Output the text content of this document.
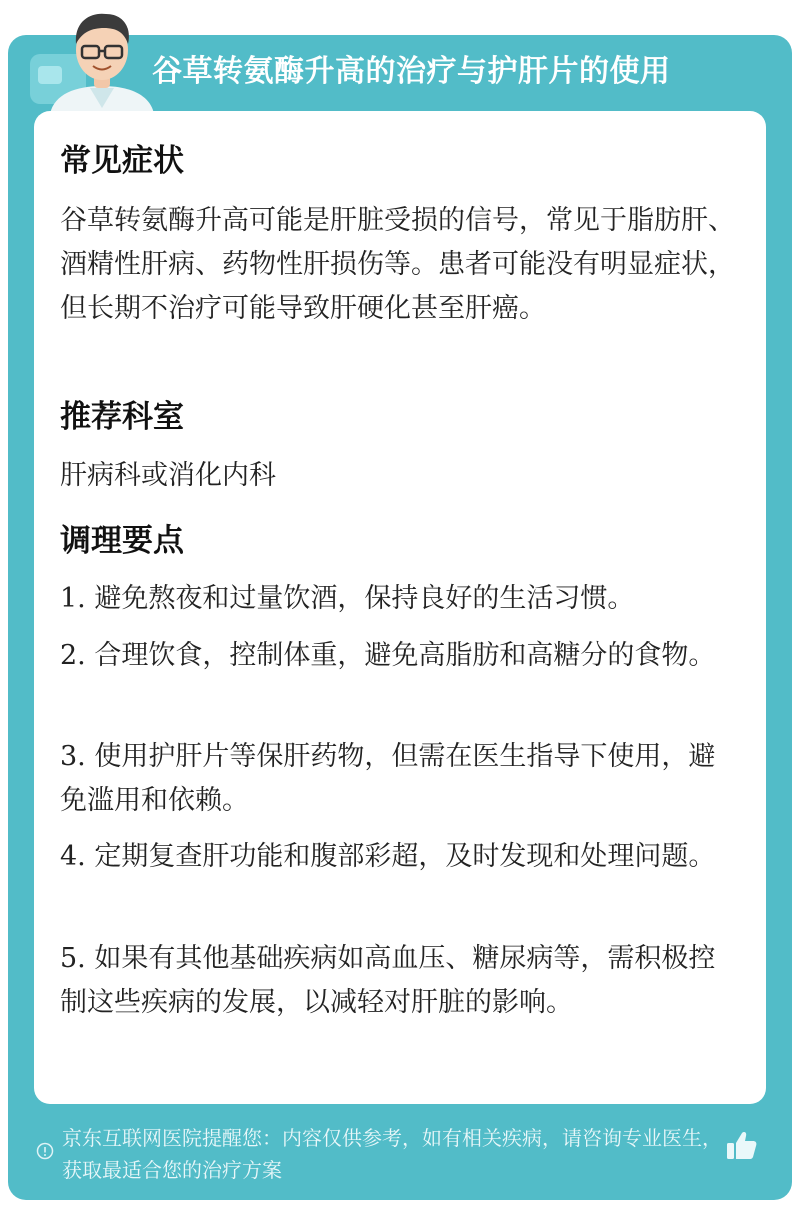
谷草转氨酶升高的治疗与护肝片的使用
常见症状
谷草转氨酶升高可能是肝脏受损的信号，常见于脂肪肝、酒精性肝病、药物性肝损伤等。患者可能没有明显症状，但长期不治疗可能导致肝硬化甚至肝癌。
推荐科室
肝病科或消化内科
调理要点
1. 避免熬夜和过量饮酒，保持良好的生活习惯。
2. 合理饮食，控制体重，避免高脂肪和高糖分的食物。
3. 使用护肝片等保肝药物，但需在医生指导下使用，避免滥用和依赖。
4. 定期复查肝功能和腹部彩超，及时发现和处理问题。
5. 如果有其他基础疾病如高血压、糖尿病等，需积极控制这些疾病的发展，以减轻对肝脏的影响。
京东互联网医院提醒您：内容仅供参考，如有相关疾病，请咨询专业医生，获取最适合您的治疗方案
